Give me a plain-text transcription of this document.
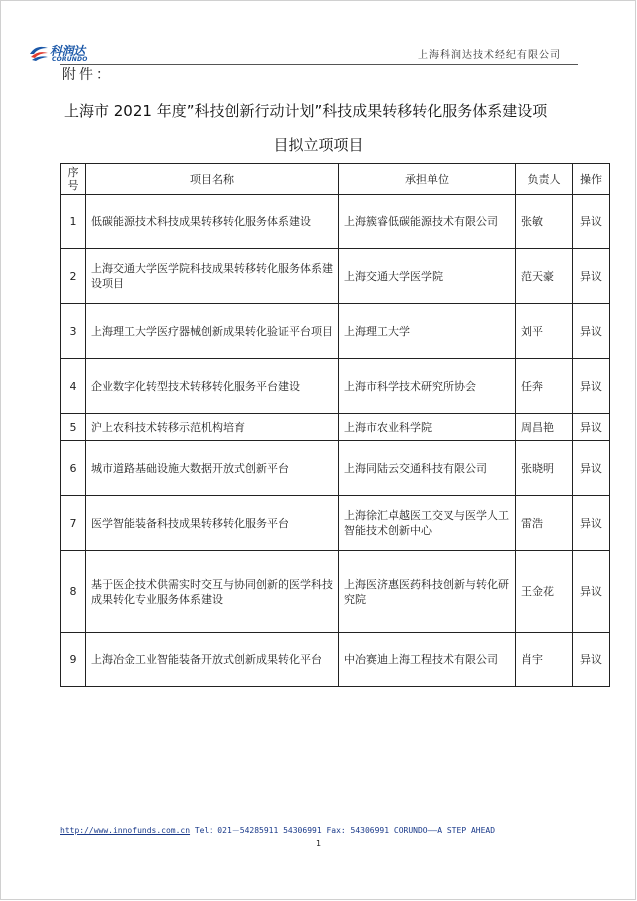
科润达
CORUNDO	上海科润达技术经纪有限公司
附件：
上海市 2021 年度”科技创新行动计划”科技成果转移转化服务体系建设项
目拟立项项目
序号	项目名称	承担单位	负责人	操作
1	低碳能源技术科技成果转移转化服务体系建设	上海簇睿低碳能源技术有限公司	张敏	异议
2	上海交通大学医学院科技成果转移转化服务体系建设项目	上海交通大学医学院	范天豪	异议
3	上海理工大学医疗器械创新成果转化验证平台项目	上海理工大学	刘平	异议
4	企业数字化转型技术转移转化服务平台建设	上海市科学技术研究所协会	任奔	异议
5	沪上农科技术转移示范机构培育	上海市农业科学院	周昌艳	异议
6	城市道路基础设施大数据开放式创新平台	上海同陆云交通科技有限公司	张晓明	异议
7	医学智能装备科技成果转移转化服务平台	上海徐汇卓越医工交叉与医学人工智能技术创新中心	雷浩	异议
8	基于医企技术供需实时交互与协同创新的医学科技成果转化专业服务体系建设	上海医济惠医药科技创新与转化研究院	王金花	异议
9	上海冶金工业智能装备开放式创新成果转化平台	中冶赛迪上海工程技术有限公司	肖宇	异议
http://www.innofunds.com.cn Tel：021－54285911 54306991 Fax: 54306991 CORUNDO——A STEP AHEAD
1
